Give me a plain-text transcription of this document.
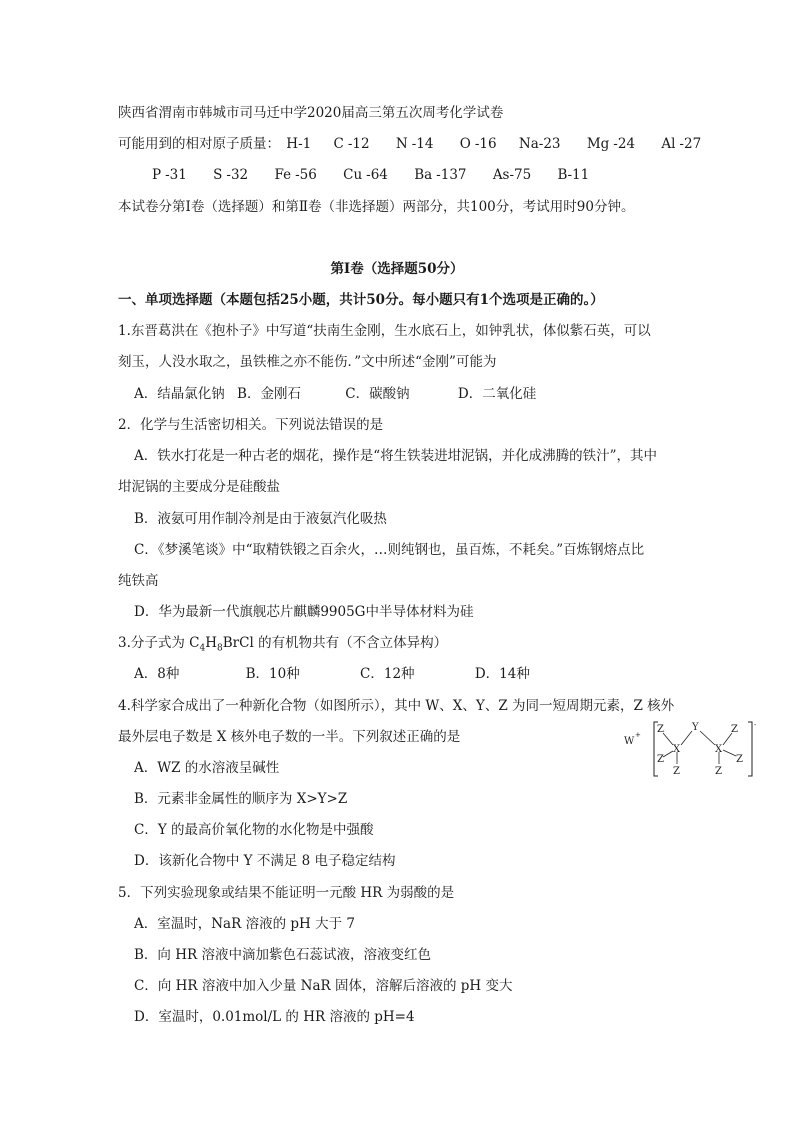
陕西省渭南市韩城市司马迁中学2020届高三第五次周考化学试卷
可能用到的相对原子质量： H-1 C -12 N -14 O -16 Na-23 Mg -24 Al -27
P -31 S -32 Fe -56 Cu -64 Ba -137 As-75 B-11
本试卷分第Ⅰ卷（选择题）和第Ⅱ卷（非选择题）两部分，共100分，考试用时90分钟。
第Ⅰ卷（选择题50分）
一、单项选择题（本题包括25小题，共计50分。每小题只有1个选项是正确的。）
1.东晋葛洪在《抱朴子》中写道“扶南生金刚，生水底石上，如钟乳状，体似紫石英，可以
刻玉，人没水取之，虽铁椎之亦不能伤．”文中所述“金刚”可能为
A．结晶氯化钠 B．金刚石	C．碳酸钠	D．二氧化硅
2．化学与生活密切相关。下列说法错误的是
A．铁水打花是一种古老的烟花，操作是“将生铁装进坩泥锅，并化成沸腾的铁汁”，其中
坩泥锅的主要成分是硅酸盐
B．液氨可用作制冷剂是由于液氨汽化吸热
C．《梦溪笔谈》中“取精铁锻之百余火，…则纯钢也，虽百炼，不耗矣。”百炼钢熔点比
纯铁高
D．华为最新一代旗舰芯片麒麟9905G中半导体材料为硅
3.分子式为 $C_4H_8BrCl$ 的有机物共有（不含立体异构）
A．8种	B．10种	C．12种	D．14种
4.科学家合成出了一种新化合物（如图所示），其中 W、X、Y、Z 为同一短周期元素，Z 核外
最外层电子数是 X 核外电子数的一半。下列叙述正确的是
A．WZ 的水溶液呈碱性
B．元素非金属性的顺序为 X>Y>Z
C．Y 的最高价氧化物的水化物是中强酸
D．该新化合物中 Y 不满足 8 电子稳定结构
W
+
-
Z
Z
X
Z
Y
X
Z
Z
Z
5．下列实验现象或结果不能证明一元酸 HR 为弱酸的是
A．室温时，NaR 溶液的 pH 大于 7
B．向 HR 溶液中滴加紫色石蕊试液，溶液变红色
C．向 HR 溶液中加入少量 NaR 固体，溶解后溶液的 pH 变大
D．室温时，0.01mol/L 的 HR 溶液的 pH=4
